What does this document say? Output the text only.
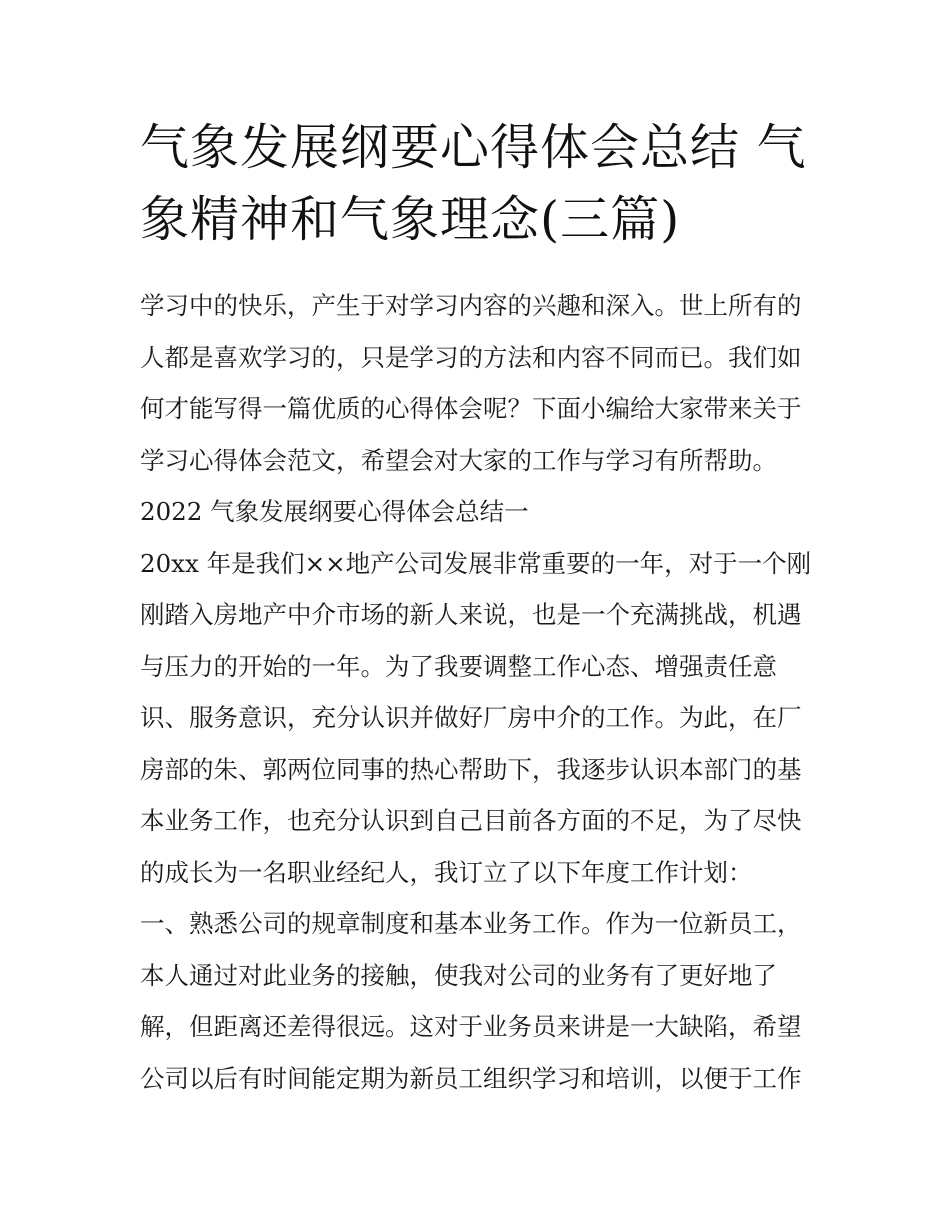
气象发展纲要心得体会总结 气
象精神和气象理念(三篇)

学习中的快乐，产生于对学习内容的兴趣和深入。世上所有的

人都是喜欢学习的，只是学习的方法和内容不同而已。我们如

何才能写得一篇优质的心得体会呢？下面小编给大家带来关于

学习心得体会范文，希望会对大家的工作与学习有所帮助。

2022 气象发展纲要心得体会总结一

20xx 年是我们××地产公司发展非常重要的一年，对于一个刚

刚踏入房地产中介市场的新人来说，也是一个充满挑战，机遇

与压力的开始的一年。为了我要调整工作心态、增强责任意

识、服务意识，充分认识并做好厂房中介的工作。为此，在厂

房部的朱、郭两位同事的热心帮助下，我逐步认识本部门的基

本业务工作，也充分认识到自己目前各方面的不足，为了尽快

的成长为一名职业经纪人，我订立了以下年度工作计划：

一、熟悉公司的规章制度和基本业务工作。作为一位新员工，

本人通过对此业务的接触，使我对公司的业务有了更好地了

解，但距离还差得很远。这对于业务员来讲是一大缺陷，希望

公司以后有时间能定期为新员工组织学习和培训，以便于工作
